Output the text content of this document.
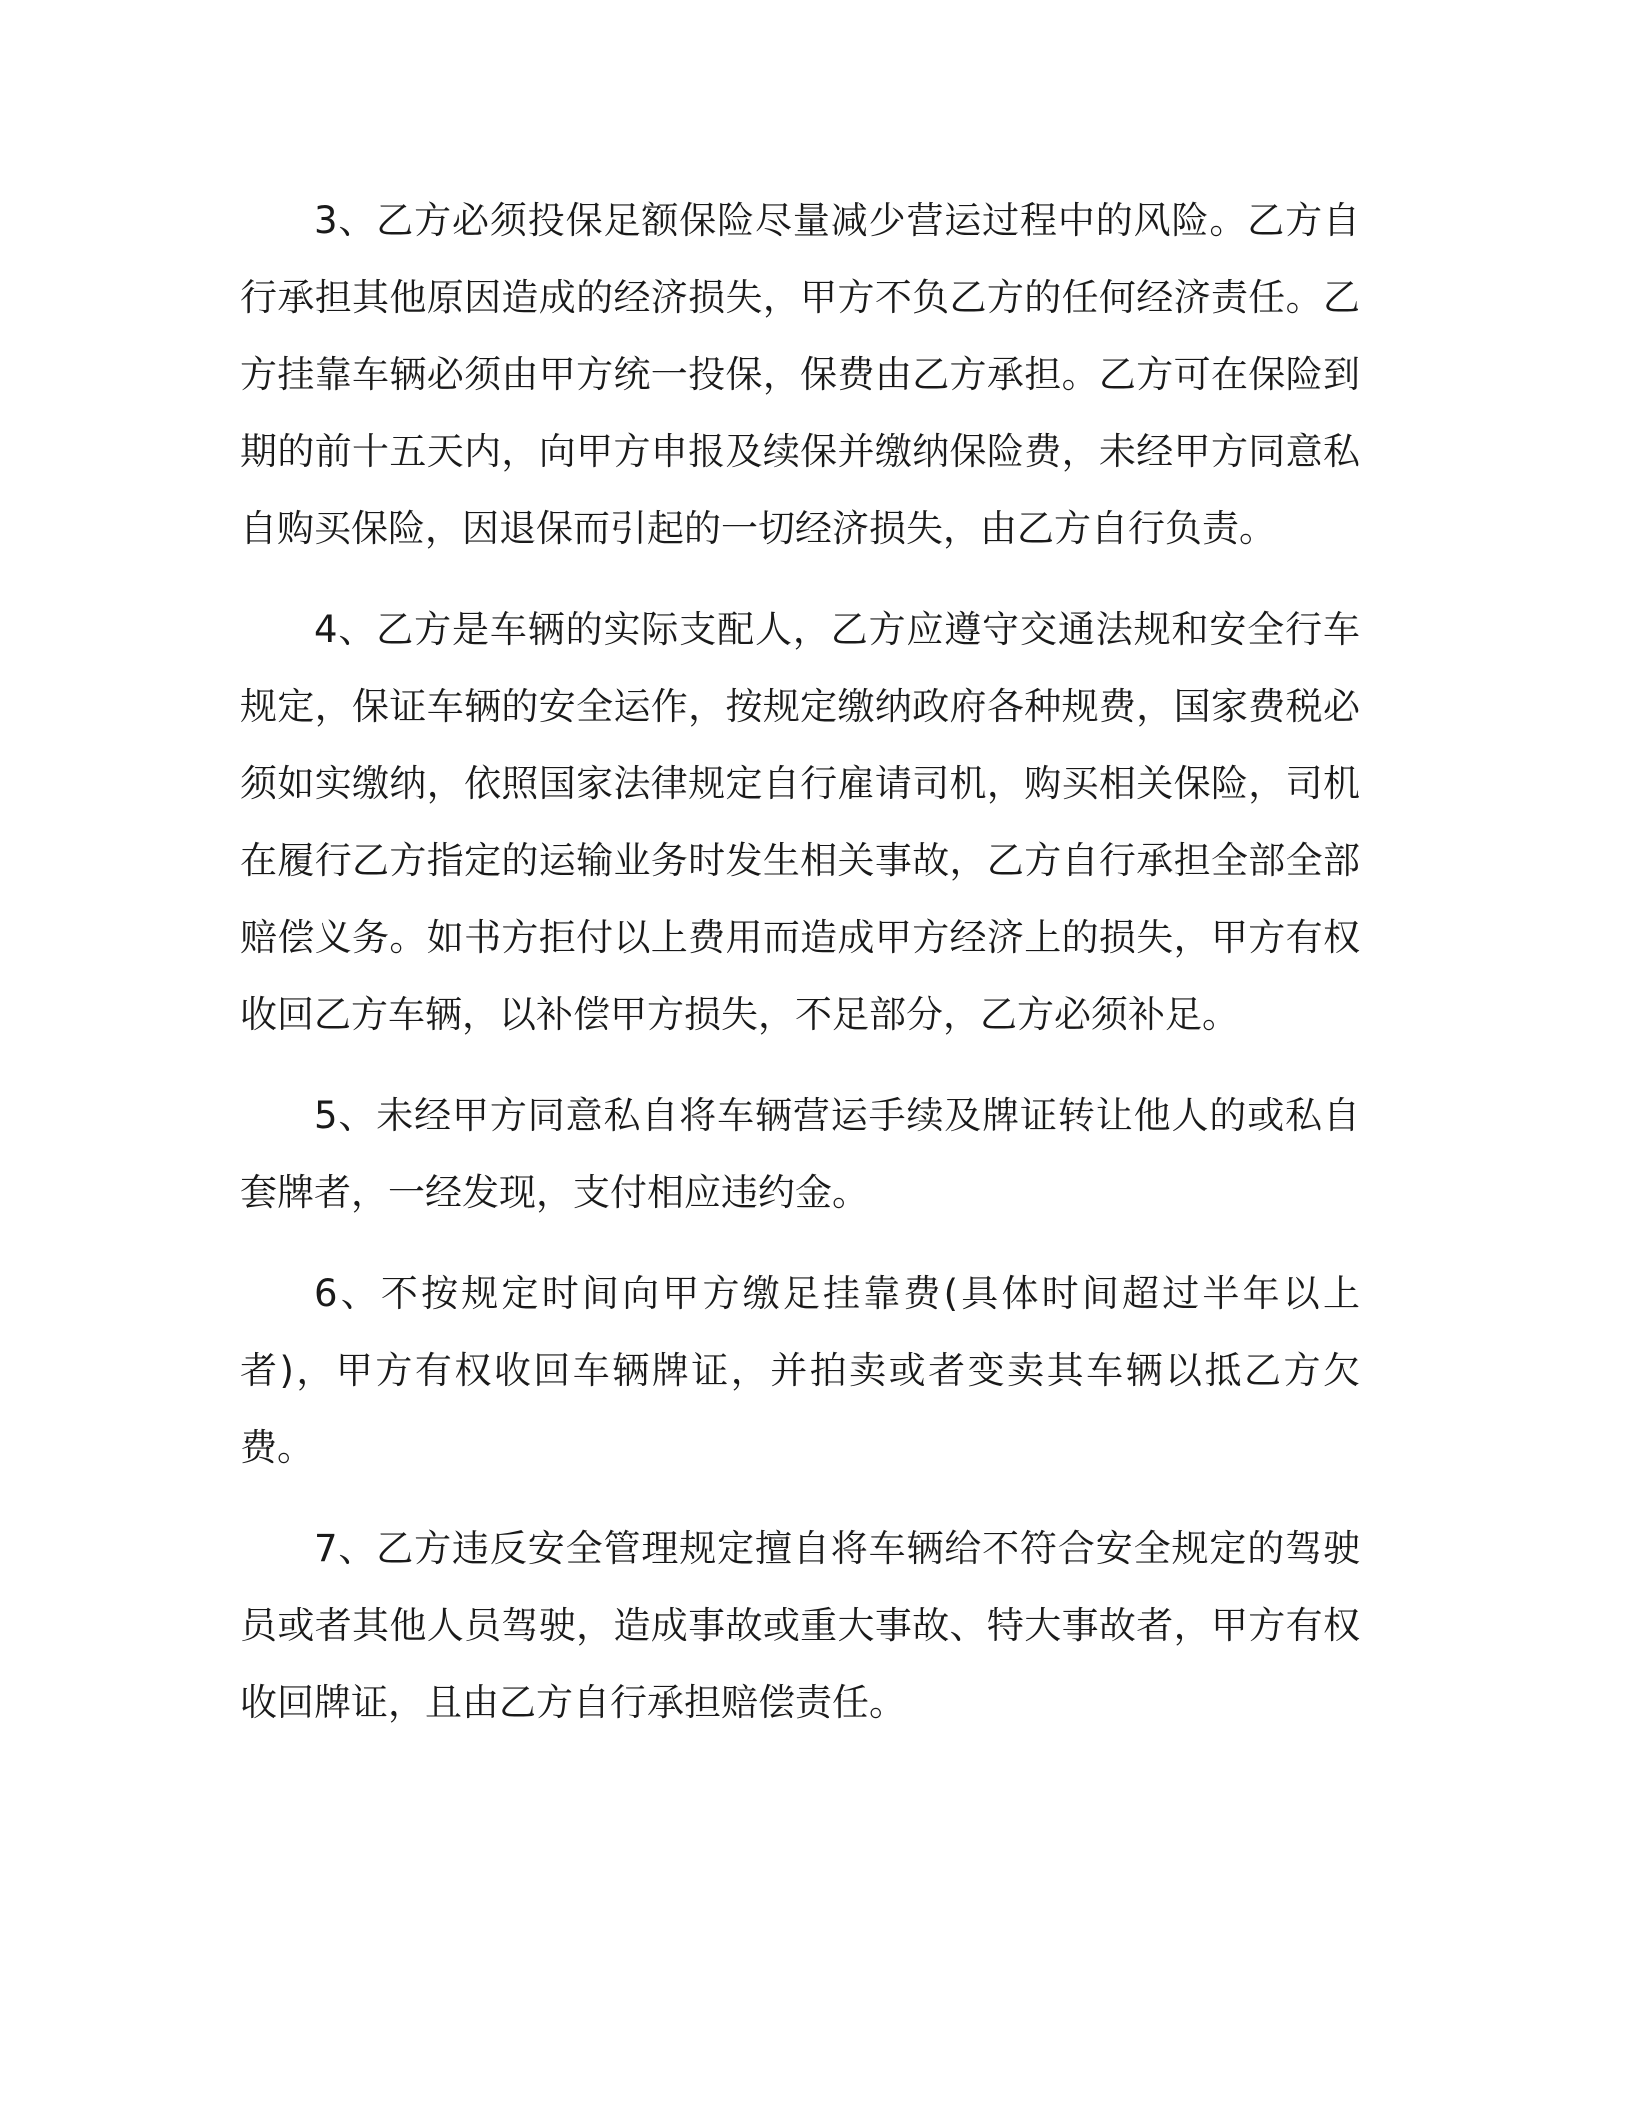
3、乙方必须投保足额保险尽量减少营运过程中的风险。乙方自行承担其他原因造成的经济损失，甲方不负乙方的任何经济责任。乙方挂靠车辆必须由甲方统一投保，保费由乙方承担。乙方可在保险到期的前十五天内，向甲方申报及续保并缴纳保险费，未经甲方同意私自购买保险，因退保而引起的一切经济损失，由乙方自行负责。

4、乙方是车辆的实际支配人，乙方应遵守交通法规和安全行车规定，保证车辆的安全运作，按规定缴纳政府各种规费，国家费税必须如实缴纳，依照国家法律规定自行雇请司机，购买相关保险，司机在履行乙方指定的运输业务时发生相关事故，乙方自行承担全部全部赔偿义务。如书方拒付以上费用而造成甲方经济上的损失，甲方有权收回乙方车辆，以补偿甲方损失，不足部分，乙方必须补足。

5、未经甲方同意私自将车辆营运手续及牌证转让他人的或私自套牌者，一经发现，支付相应违约金。

6、不按规定时间向甲方缴足挂靠费(具体时间超过半年以上者)，甲方有权收回车辆牌证，并拍卖或者变卖其车辆以抵乙方欠费。

7、乙方违反安全管理规定擅自将车辆给不符合安全规定的驾驶员或者其他人员驾驶，造成事故或重大事故、特大事故者，甲方有权收回牌证，且由乙方自行承担赔偿责任。
